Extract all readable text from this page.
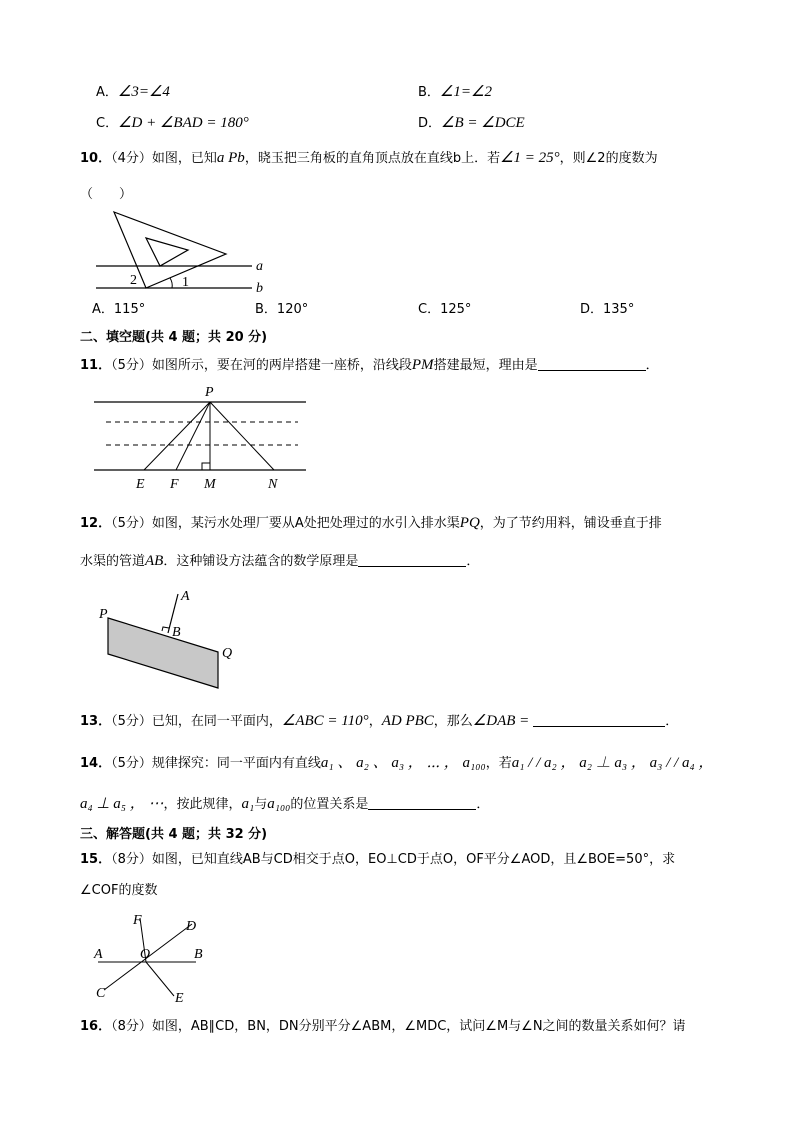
A．∠3=∠4	B．∠1=∠2
C．∠D + ∠BAD = 180°	D．∠B = ∠DCE
10．（4分）如图，已知a Pb，晓玉把三角板的直角顶点放在直线b上．若∠1 = 25°，则∠2的度数为
（　　）
a
b
1
2
A．115°	B．120°	C．125°	D．135°
二、填空题(共 4 题；共 20 分)
11．（5分）如图所示，要在河的两岸搭建一座桥，沿线段PM搭建最短，理由是	．
P
E F M	N
12．（5分）如图，某污水处理厂要从A处把处理过的水引入排水渠PQ，为了节约用料，铺设垂直于排
水渠的管道AB．这种铺设方法蕴含的数学原理是	．
A
B
P
Q
13．（5分）已知，在同一平面内，∠ABC = 110°，AD PBC，那么∠DAB =	．
14．（5分）规律探究：同一平面内有直线a₁ 、 a₂ 、 a₃ ， ⋯ ， a₁₀₀，若a₁ / / a₂ ， a₂ ⊥ a₃ ， a₃ / / a₄ ，
a₄ ⊥ a₅ ， ⋯，按此规律，a₁与a₁₀₀的位置关系是	．
三、解答题(共 4 题；共 32 分)
15．（8分）如图，已知直线AB与CD相交于点O，EO⊥CD于点O，OF平分∠AOD，且∠BOE=50°，求
∠COF的度数
A	B
C
D
E
F
O
16．（8分）如图，AB∥CD，BN，DN分别平分∠ABM，∠MDC，试问∠M与∠N之间的数量关系如何？请
